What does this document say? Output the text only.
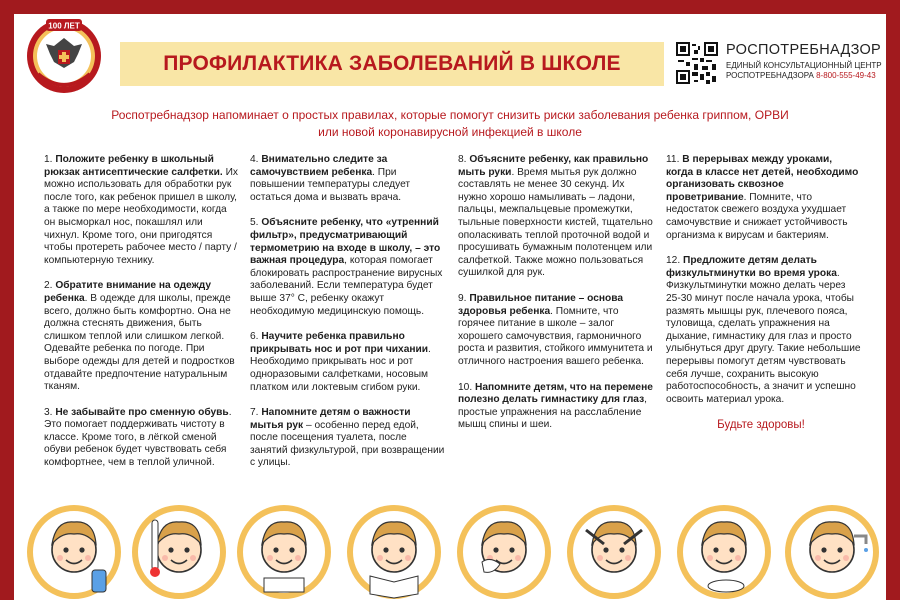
100 ЛЕТ
ПРОФИЛАКТИКА ЗАБОЛЕВАНИЙ В ШКОЛЕ
РОСПОТРЕБНАДЗОР
ЕДИНЫЙ КОНСУЛЬТАЦИОННЫЙ ЦЕНТР
РОСПОТРЕБНАДЗОРА 8-800-555-49-43
Роспотребнадзор напоминает о простых правилах, которые помогут снизить риски заболевания ребенка гриппом, ОРВИ
или новой коронавирусной инфекцией в школе

1. Положите ребенку в школьный рюкзак антисептические салфетки. Их можно использовать для обработки рук после того, как ребенок пришел в школу, а также по мере необходимости, когда он высморкал нос, покашлял или чихнул. Кроме того, они пригодятся чтобы протереть рабочее место / парту / компьютерную технику.

2. Обратите внимание на одежду ребенка. В одежде для школы, прежде всего, должно быть комфортно. Она не должна стеснять движения, быть слишком теплой или слишком легкой. Одевайте ребенка по погоде. При выборе одежды для детей и подростков отдавайте предпочтение натуральным тканям.

3. Не забывайте про сменную обувь. Это помогает поддерживать чистоту в классе. Кроме того, в лёгкой сменой обуви ребенок будет чувствовать себя комфортнее, чем в теплой уличной.

4. Внимательно следите за самочувствием ребенка. При повышении температуры следует остаться дома и вызвать врача.

5. Объясните ребенку, что «утренний фильтр», предусматривающий термометрию на входе в школу, – это важная процедура, которая помогает блокировать распространение вирусных заболеваний. Если температура будет выше 37° С, ребенку окажут необходимую медицинскую помощь.

6. Научите ребенка правильно прикрывать нос и рот при чихании. Необходимо прикрывать нос и рот одноразовыми салфетками, носовым платком или локтевым сгибом руки.

7. Напомните детям о важности мытья рук – особенно перед едой, после посещения туалета, после занятий физкультурой, при возвращении с улицы.

8. Объясните ребенку, как правильно мыть руки. Время мытья рук должно составлять не менее 30 секунд. Их нужно хорошо намыливать – ладони, пальцы, межпальцевые промежутки, тыльные поверхности кистей, тщательно ополаскивать теплой проточной водой и просушивать бумажным полотенцем или салфеткой. Также можно пользоваться сушилкой для рук.

9. Правильное питание – основа здоровья ребенка. Помните, что горячее питание в школе – залог хорошего самочувствия, гармоничного роста и развития, стойкого иммунитета и отличного настроения вашего ребенка.

10. Напомните детям, что на перемене полезно делать гимнастику для глаз, простые упражнения на расслабление мышц спины и шеи.

11. В перерывах между уроками, когда в классе нет детей, необходимо организовать сквозное проветривание. Помните, что недостаток свежего воздуха ухудшает самочувствие и снижает устойчивость организма к вирусам и бактериям.

12. Предложите детям делать физкультминутки во время урока. Физкультминутки можно делать через 25-30 минут после начала урока, чтобы размять мышцы рук, плечевого пояса, туловища, сделать упражнения на дыхание, гимнастику для глаз и просто улыбнуться друг другу. Такие небольшие перерывы помогут детям чувствовать себя лучше, сохранить высокую работоспособность, а значит и успешно освоить материал урока.

Будьте здоровы!
